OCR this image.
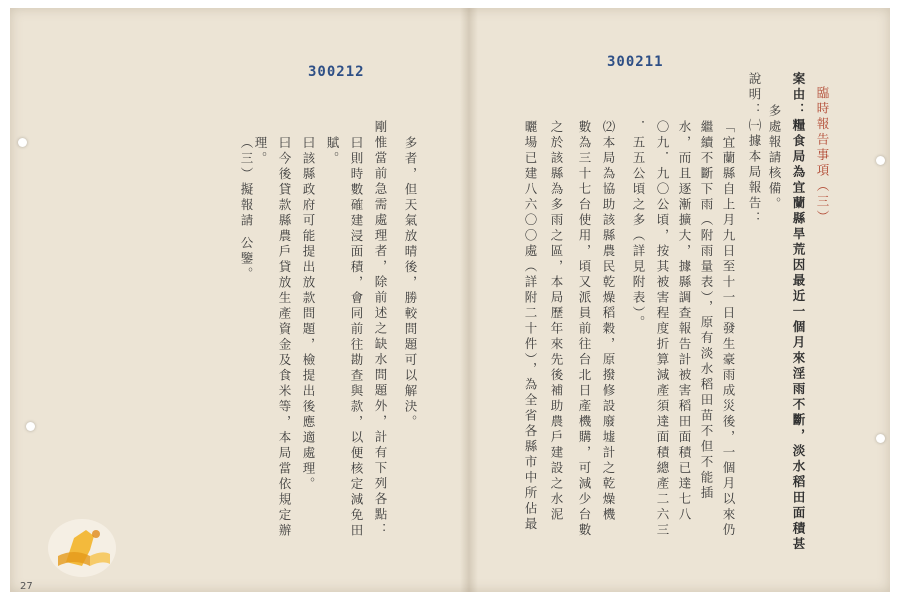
300212
多者，但天氣放晴後，勝較問題可以解決。
剛惟當前急需處理者，除前述之缺水問題外，計有下列各點：
曰則時數確建浸面積，會同前往勘查與款，以便核定減免田
賦。
曰該縣政府可能提出放款問題，檢提出後應適處理。
曰今後貸款縣農戶貸放生產資金及食米等，本局當依規定辦
理。
（三）擬報請 公鑒。
300211
臨時報告事項（三）
案由：糧食局為宜蘭縣旱荒因最近一個月來淫雨不斷，淡水稻田面積甚
多處報請核備。
說明：㈠據本局報告：
「宜蘭縣自上月九日至十一日發生豪雨成災後，一個月以來仍
繼續不斷下雨（附雨量表），原有淡水稻田苗不但不能插
水，而且逐漸擴大，據縣調查報告計被害稻田面積已達七八
〇九．九〇公頃，按其被害程度折算減產須達面積總產二六三
．五五公頃之多（詳見附表）。
⑵本局為協助該縣農民乾燥稻穀，原撥修設廢墟計之乾燥機
數為三十七台使用，頃又派員前往台北日產機購，可減少台數
之於該縣為多雨之區，本局歷年來先後補助農戶建設之水泥
曬場已建八六〇〇處（詳附二十件），為全省各縣市中所佔最
27
